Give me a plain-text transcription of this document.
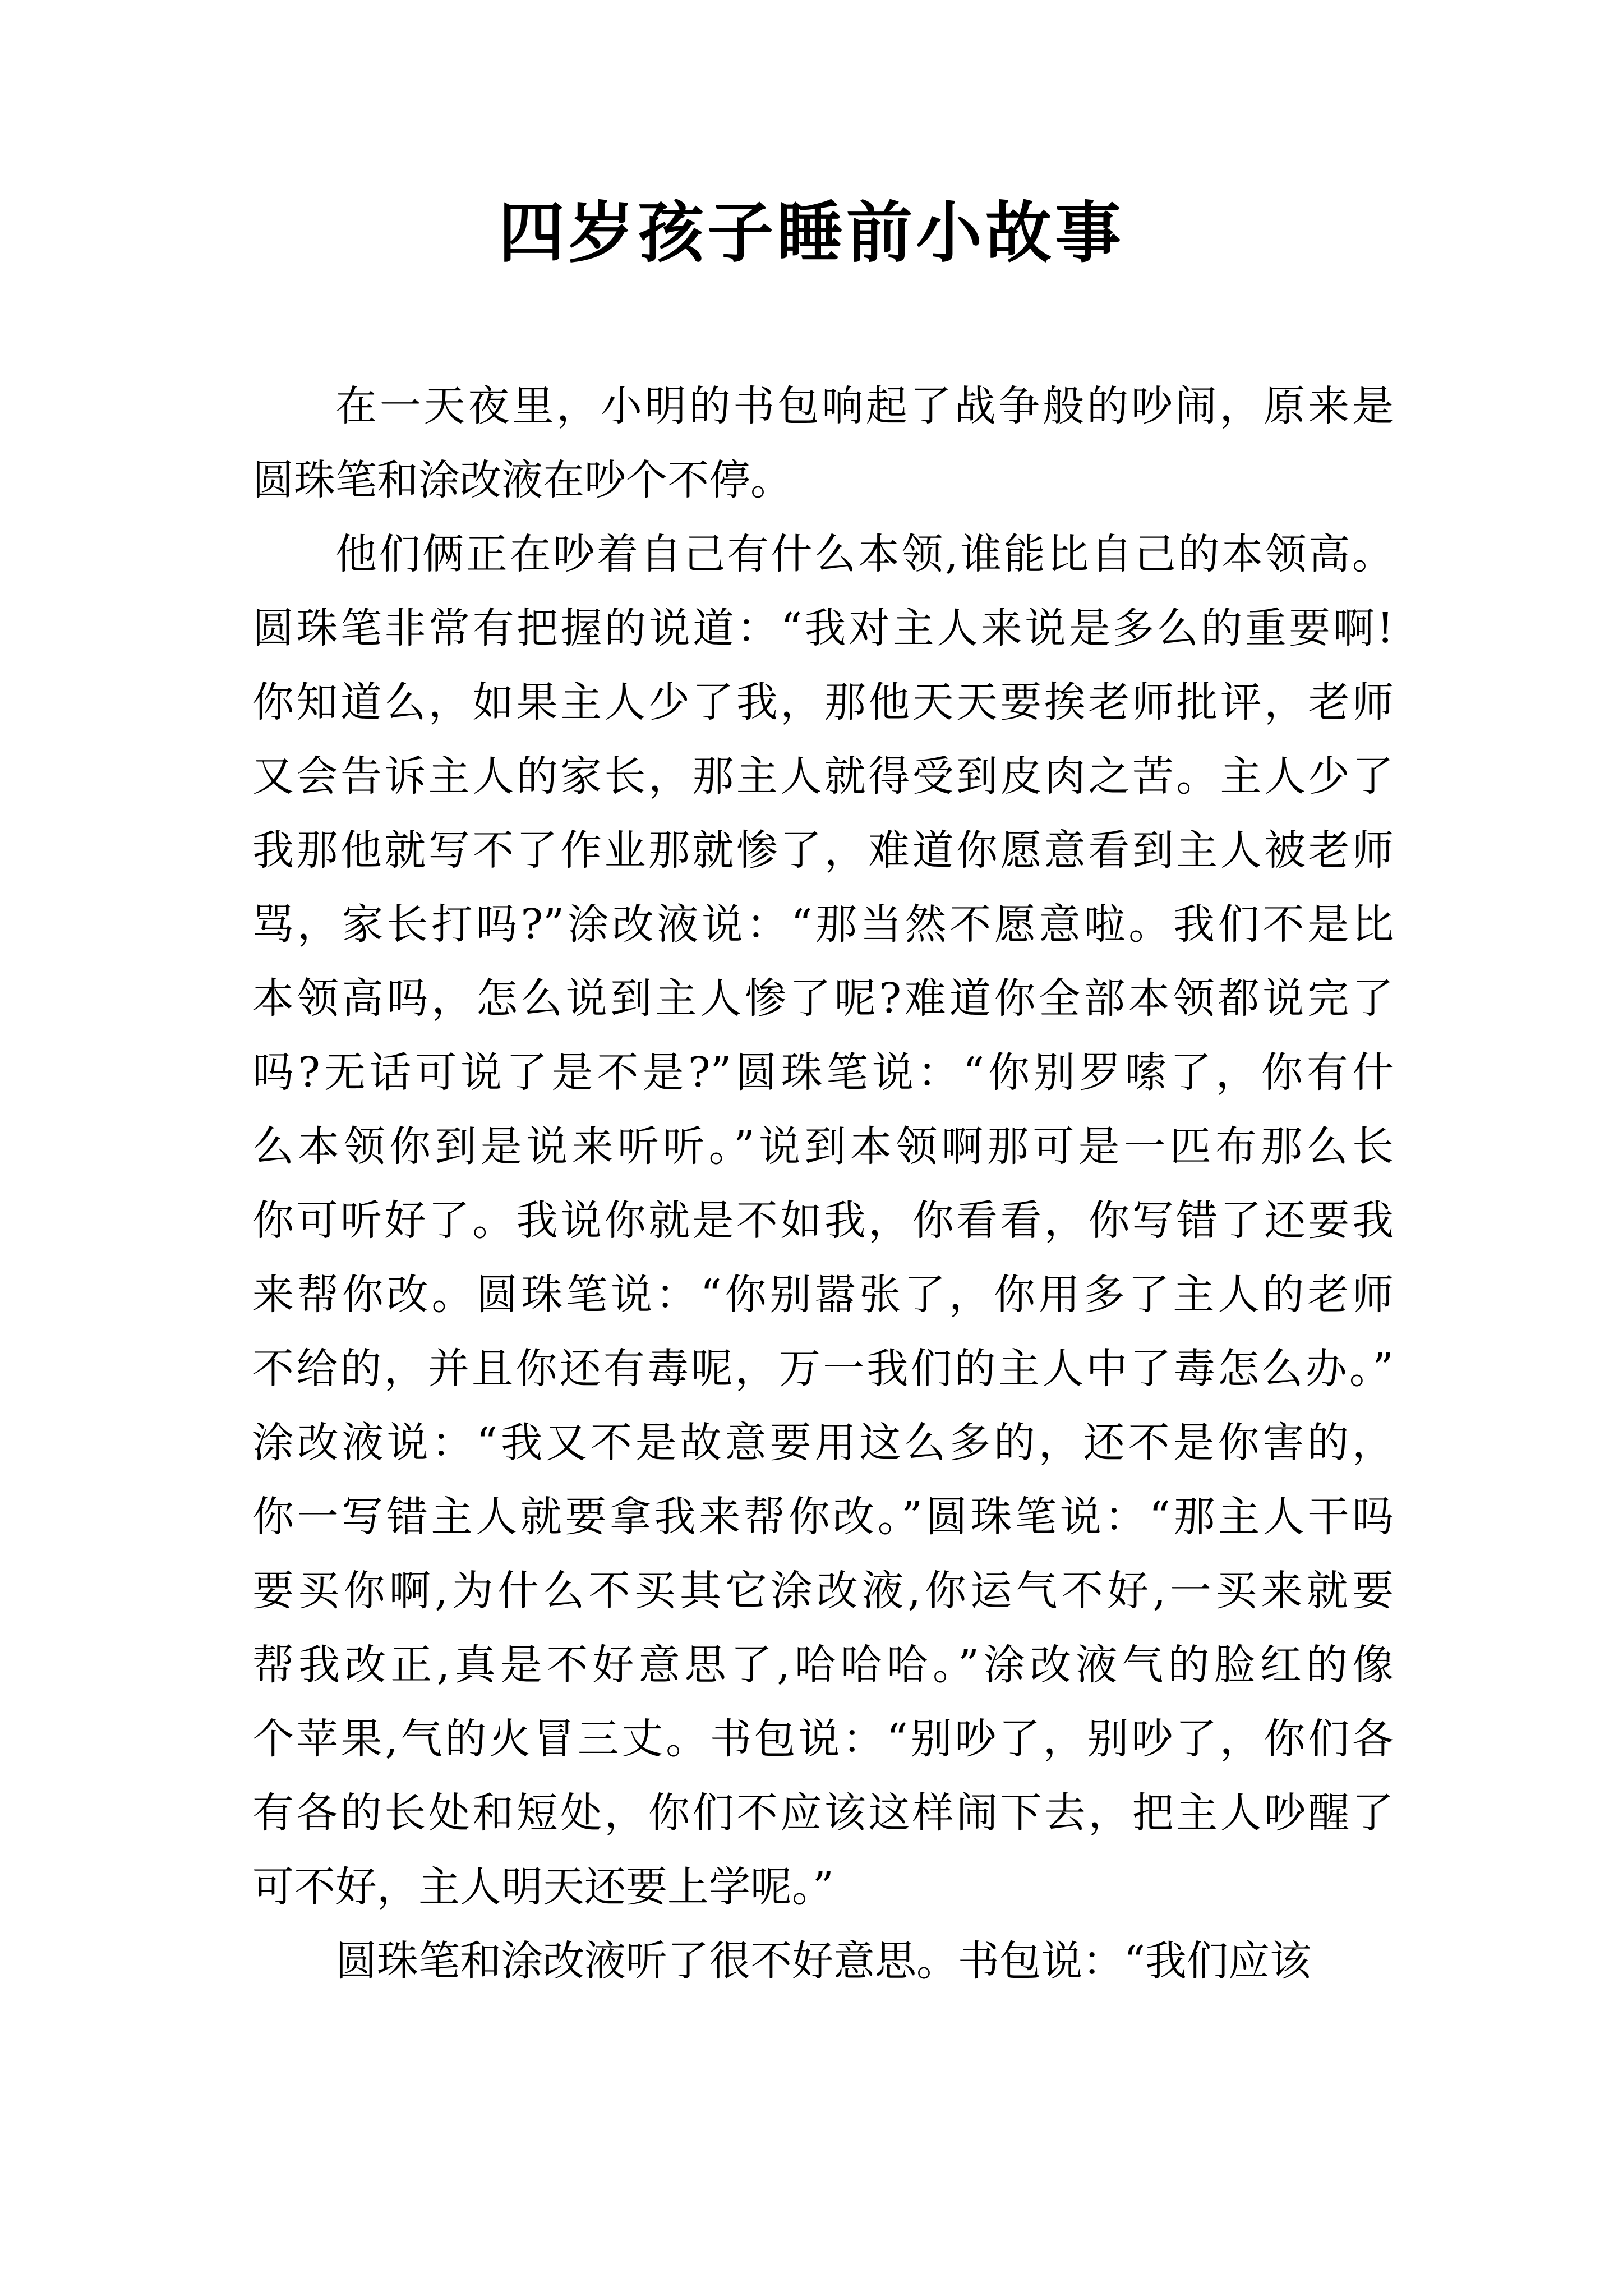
四岁孩子睡前小故事
在一天夜里，小明的书包响起了战争般的吵闹，原来是
圆珠笔和涂改液在吵个不停。
他们俩正在吵着自己有什么本领,谁能比自己的本领高。
圆珠笔非常有把握的说道：“我对主人来说是多么的重要啊!
你知道么，如果主人少了我，那他天天要挨老师批评，老师
又会告诉主人的家长，那主人就得受到皮肉之苦。主人少了
我那他就写不了作业那就惨了，难道你愿意看到主人被老师
骂，家长打吗?”涂改液说：“那当然不愿意啦。我们不是比
本领高吗，怎么说到主人惨了呢?难道你全部本领都说完了
吗?无话可说了是不是?”圆珠笔说：“你别罗嗦了，你有什
么本领你到是说来听听。”说到本领啊那可是一匹布那么长
你可听好了。我说你就是不如我，你看看，你写错了还要我
来帮你改。圆珠笔说：“你别嚣张了，你用多了主人的老师
不给的，并且你还有毒呢，万一我们的主人中了毒怎么办。”
涂改液说：“我又不是故意要用这么多的，还不是你害的，
你一写错主人就要拿我来帮你改。”圆珠笔说：“那主人干吗
要买你啊,为什么不买其它涂改液,你运气不好,一买来就要
帮我改正,真是不好意思了,哈哈哈。”涂改液气的脸红的像
个苹果,气的火冒三丈。书包说：“别吵了，别吵了，你们各
有各的长处和短处，你们不应该这样闹下去，把主人吵醒了
可不好，主人明天还要上学呢。”
圆珠笔和涂改液听了很不好意思。书包说：“我们应该
